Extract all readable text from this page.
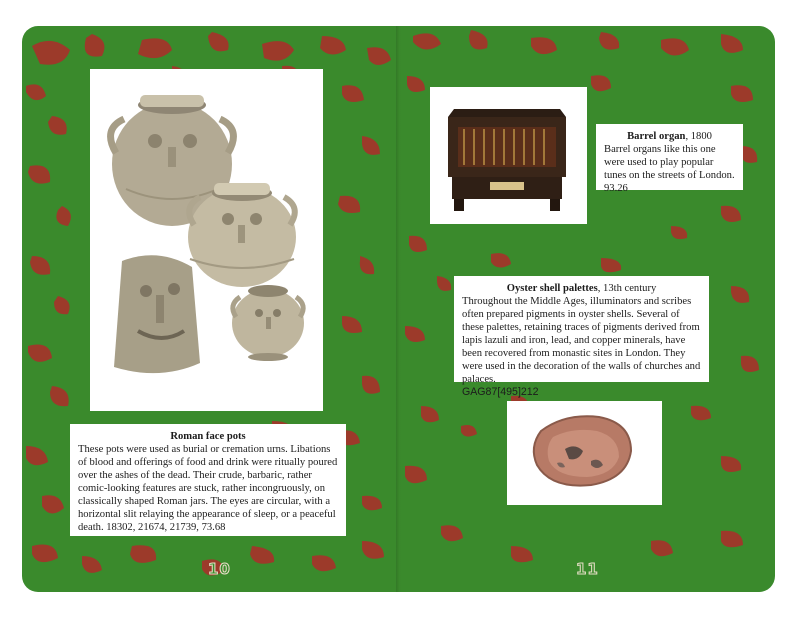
Roman face pots
These pots were used as burial or cremation urns. Libations of blood and offerings of food and drink were ritually poured over the ashes of the dead. Their crude, barbaric, rather comic-looking features are stuck, rather incongruously, on classically shaped Roman jars. The eyes are circular, with a horizontal slit relaying the appearance of sleep, or a peaceful death. 18302, 21674, 21739, 73.68
10
Barrel organ, 1800
Barrel organs like this one were used to play popular tunes on the streets of London. 93.26
Oyster shell palettes, 13th century
Throughout the Middle Ages, illuminators and scribes often prepared pigments in oyster shells. Several of these palettes, retaining traces of pigments derived from lapis lazuli and iron, lead, and copper minerals, have been recovered from monastic sites in London. They were used in the decoration of the walls of churches and palaces.
GAG87[495]212
11
